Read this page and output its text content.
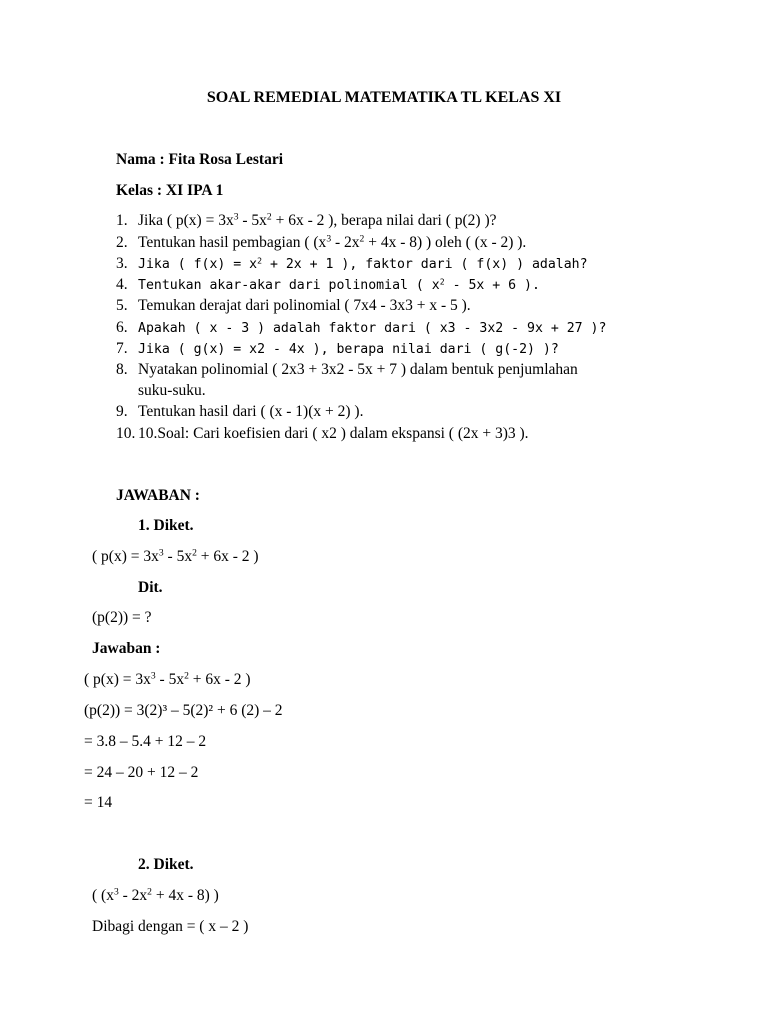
SOAL REMEDIAL MATEMATIKA TL KELAS XI
Nama : Fita Rosa Lestari
Kelas : XI IPA 1
1. Jika ( $p(x) = 3x^3 - 5x^2 + 6x - 2$ ), berapa nilai dari ( p(2) )?
2. Tentukan hasil pembagian ( $(x^3 - 2x^2 + 4x - 8)$ ) oleh ( (x - 2) ).
3. Jika ( $f(x) = x^2 + 2x + 1$ ), faktor dari ( f(x) ) adalah?
4. Tentukan akar-akar dari polinomial ( $x^2 - 5x + 6$ ).
5. Temukan derajat dari polinomial ( 7x4 - 3x3 + x - 5 ).
6. Apakah ( x - 3 ) adalah faktor dari ( x3 - 3x2 - 9x + 27 )?
7. Jika ( g(x) = x2 - 4x ), berapa nilai dari ( g(-2) )?
8. Nyatakan polinomial ( 2x3 + 3x2 - 5x + 7 ) dalam bentuk penjumlahan
suku-suku.
9. Tentukan hasil dari ( (x - 1)(x + 2) ).
10. 10.Soal: Cari koefisien dari ( x2 ) dalam ekspansi ( (2x + 3)3 ).
JAWABAN :
1. Diket.
( $p(x) = 3x^3 - 5x^2 + 6x - 2$ )
Dit.
(p(2)) = ?
Jawaban :
( $p(x) = 3x^3 - 5x^2 + 6x - 2$ )
(p(2)) = 3(2)³ – 5(2)² + 6 (2) – 2
= 3.8 – 5.4 + 12 – 2
= 24 – 20 + 12 – 2
= 14
2. Diket.
( $(x^3 - 2x^2 + 4x - 8)$ )
Dibagi dengan = ( x – 2 )
